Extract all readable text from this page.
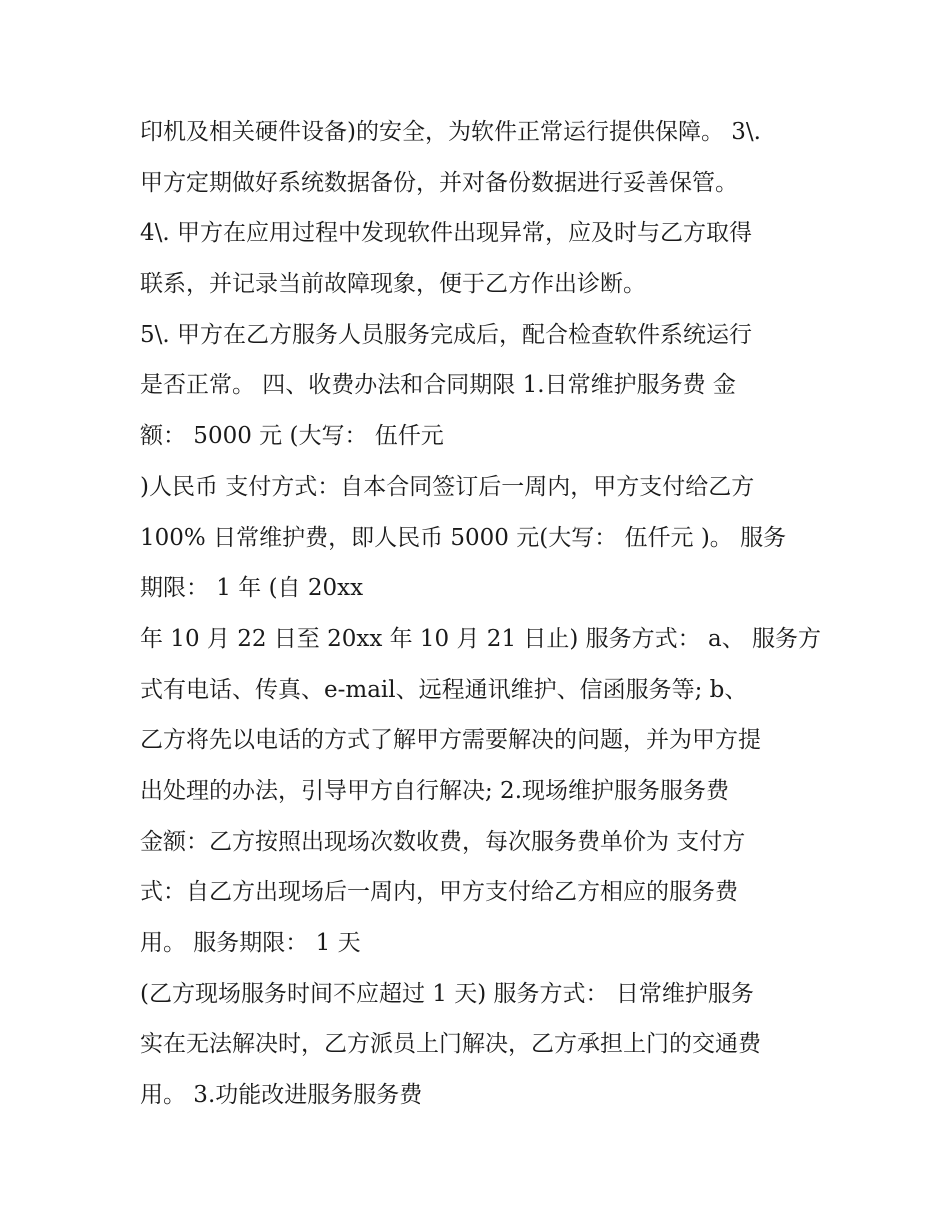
印机及相关硬件设备)的安全，为软件正常运行提供保障。 3\.
甲方定期做好系统数据备份，并对备份数据进行妥善保管。
4\. 甲方在应用过程中发现软件出现异常，应及时与乙方取得
联系，并记录当前故障现象，便于乙方作出诊断。
5\. 甲方在乙方服务人员服务完成后，配合检查软件系统运行
是否正常。 四、收费办法和合同期限 1.日常维护服务费 金
额： 5000 元 (大写： 伍仟元
)人民币 支付方式：自本合同签订后一周内，甲方支付给乙方
100% 日常维护费，即人民币 5000 元(大写： 伍仟元 )。 服务
期限： 1 年 (自 20xx
年 10 月 22 日至 20xx 年 10 月 21 日止) 服务方式： a、 服务方
式有电话、传真、e-mail、远程通讯维护、信函服务等; b、
乙方将先以电话的方式了解甲方需要解决的问题，并为甲方提
出处理的办法，引导甲方自行解决; 2.现场维护服务服务费
金额：乙方按照出现场次数收费，每次服务费单价为 支付方
式：自乙方出现场后一周内，甲方支付给乙方相应的服务费
用。 服务期限： 1 天
(乙方现场服务时间不应超过 1 天) 服务方式： 日常维护服务
实在无法解决时，乙方派员上门解决，乙方承担上门的交通费
用。 3.功能改进服务服务费
